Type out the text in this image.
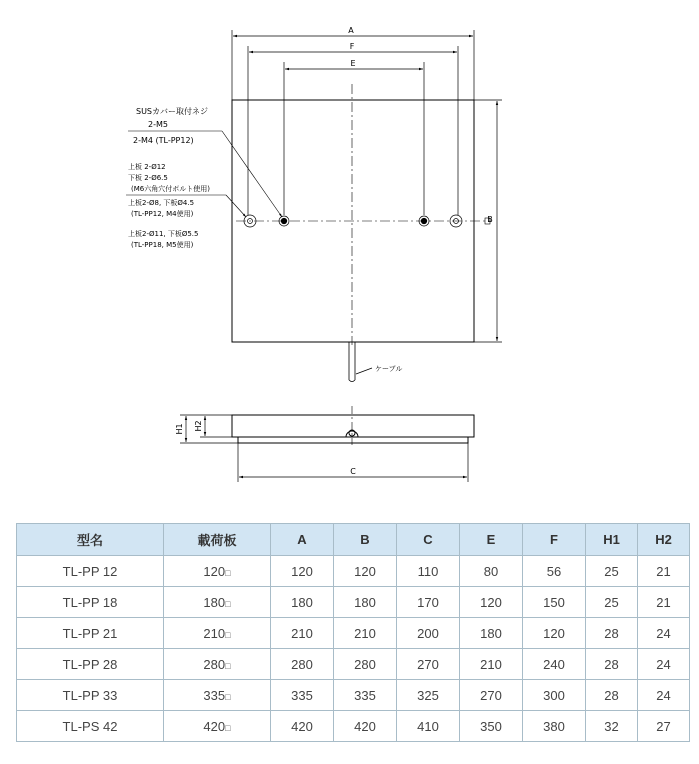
A
F
E
B
ケーブル
SUSカバー取付ネジ
2-M5
2-M4 (TL-PP12)
上板 2-Ø12
下板 2-Ø6.5
(M6六角穴付ボルト使用)
上板2-Ø8, 下板Ø4.5
(TL-PP12, M4使用)
上板2-Ø11, 下板Ø5.5
(TL-PP18, M5使用)
H1 H2
C
型名	載荷板	A	B	C	E	F	H1	H2
TL-PP 12	120□	120	120	110	80	56	25	21
TL-PP 18	180□	180	180	170	120	150	25	21
TL-PP 21	210□	210	210	200	180	120	28	24
TL-PP 28	280□	280	280	270	210	240	28	24
TL-PP 33	335□	335	335	325	270	300	28	24
TL-PS 42	420□	420	420	410	350	380	32	27
